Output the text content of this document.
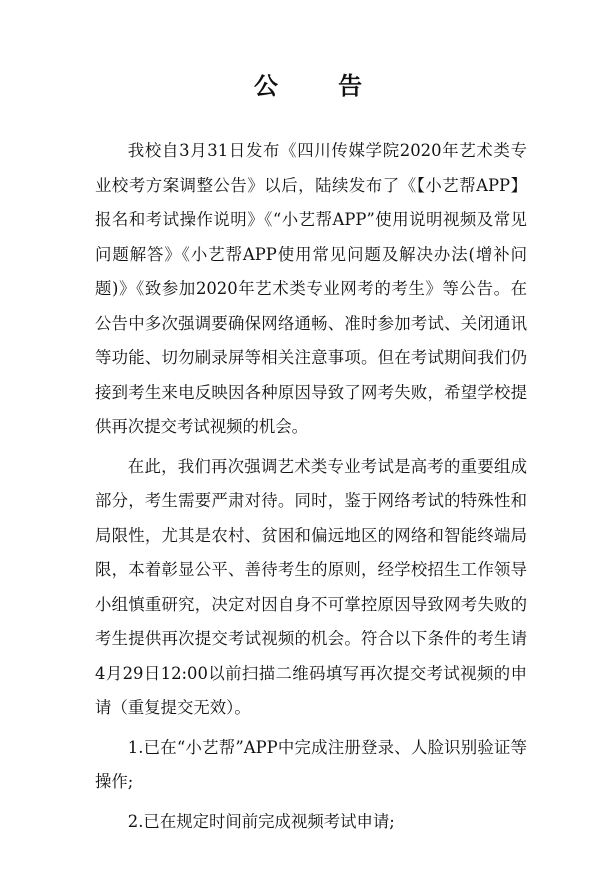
公 告

我校自3月31日发布《四川传媒学院2020年艺术类专业校考方案调整公告》以后，陆续发布了《【小艺帮APP】报名和考试操作说明》《“小艺帮APP”使用说明视频及常见问题解答》《小艺帮APP使用常见问题及解决办法(增补问题)》《致参加2020年艺术类专业网考的考生》等公告。在公告中多次强调要确保网络通畅、准时参加考试、关闭通讯等功能、切勿刷录屏等相关注意事项。但在考试期间我们仍接到考生来电反映因各种原因导致了网考失败，希望学校提供再次提交考试视频的机会。

在此，我们再次强调艺术类专业考试是高考的重要组成部分，考生需要严肃对待。同时，鉴于网络考试的特殊性和局限性，尤其是农村、贫困和偏远地区的网络和智能终端局限，本着彰显公平、善待考生的原则，经学校招生工作领导小组慎重研究，决定对因自身不可掌控原因导致网考失败的考生提供再次提交考试视频的机会。符合以下条件的考生请4月29日12:00以前扫描二维码填写再次提交考试视频的申请（重复提交无效）。

1.已在“小艺帮”APP中完成注册登录、人脸识别验证等操作;

2.已在规定时间前完成视频考试申请;
